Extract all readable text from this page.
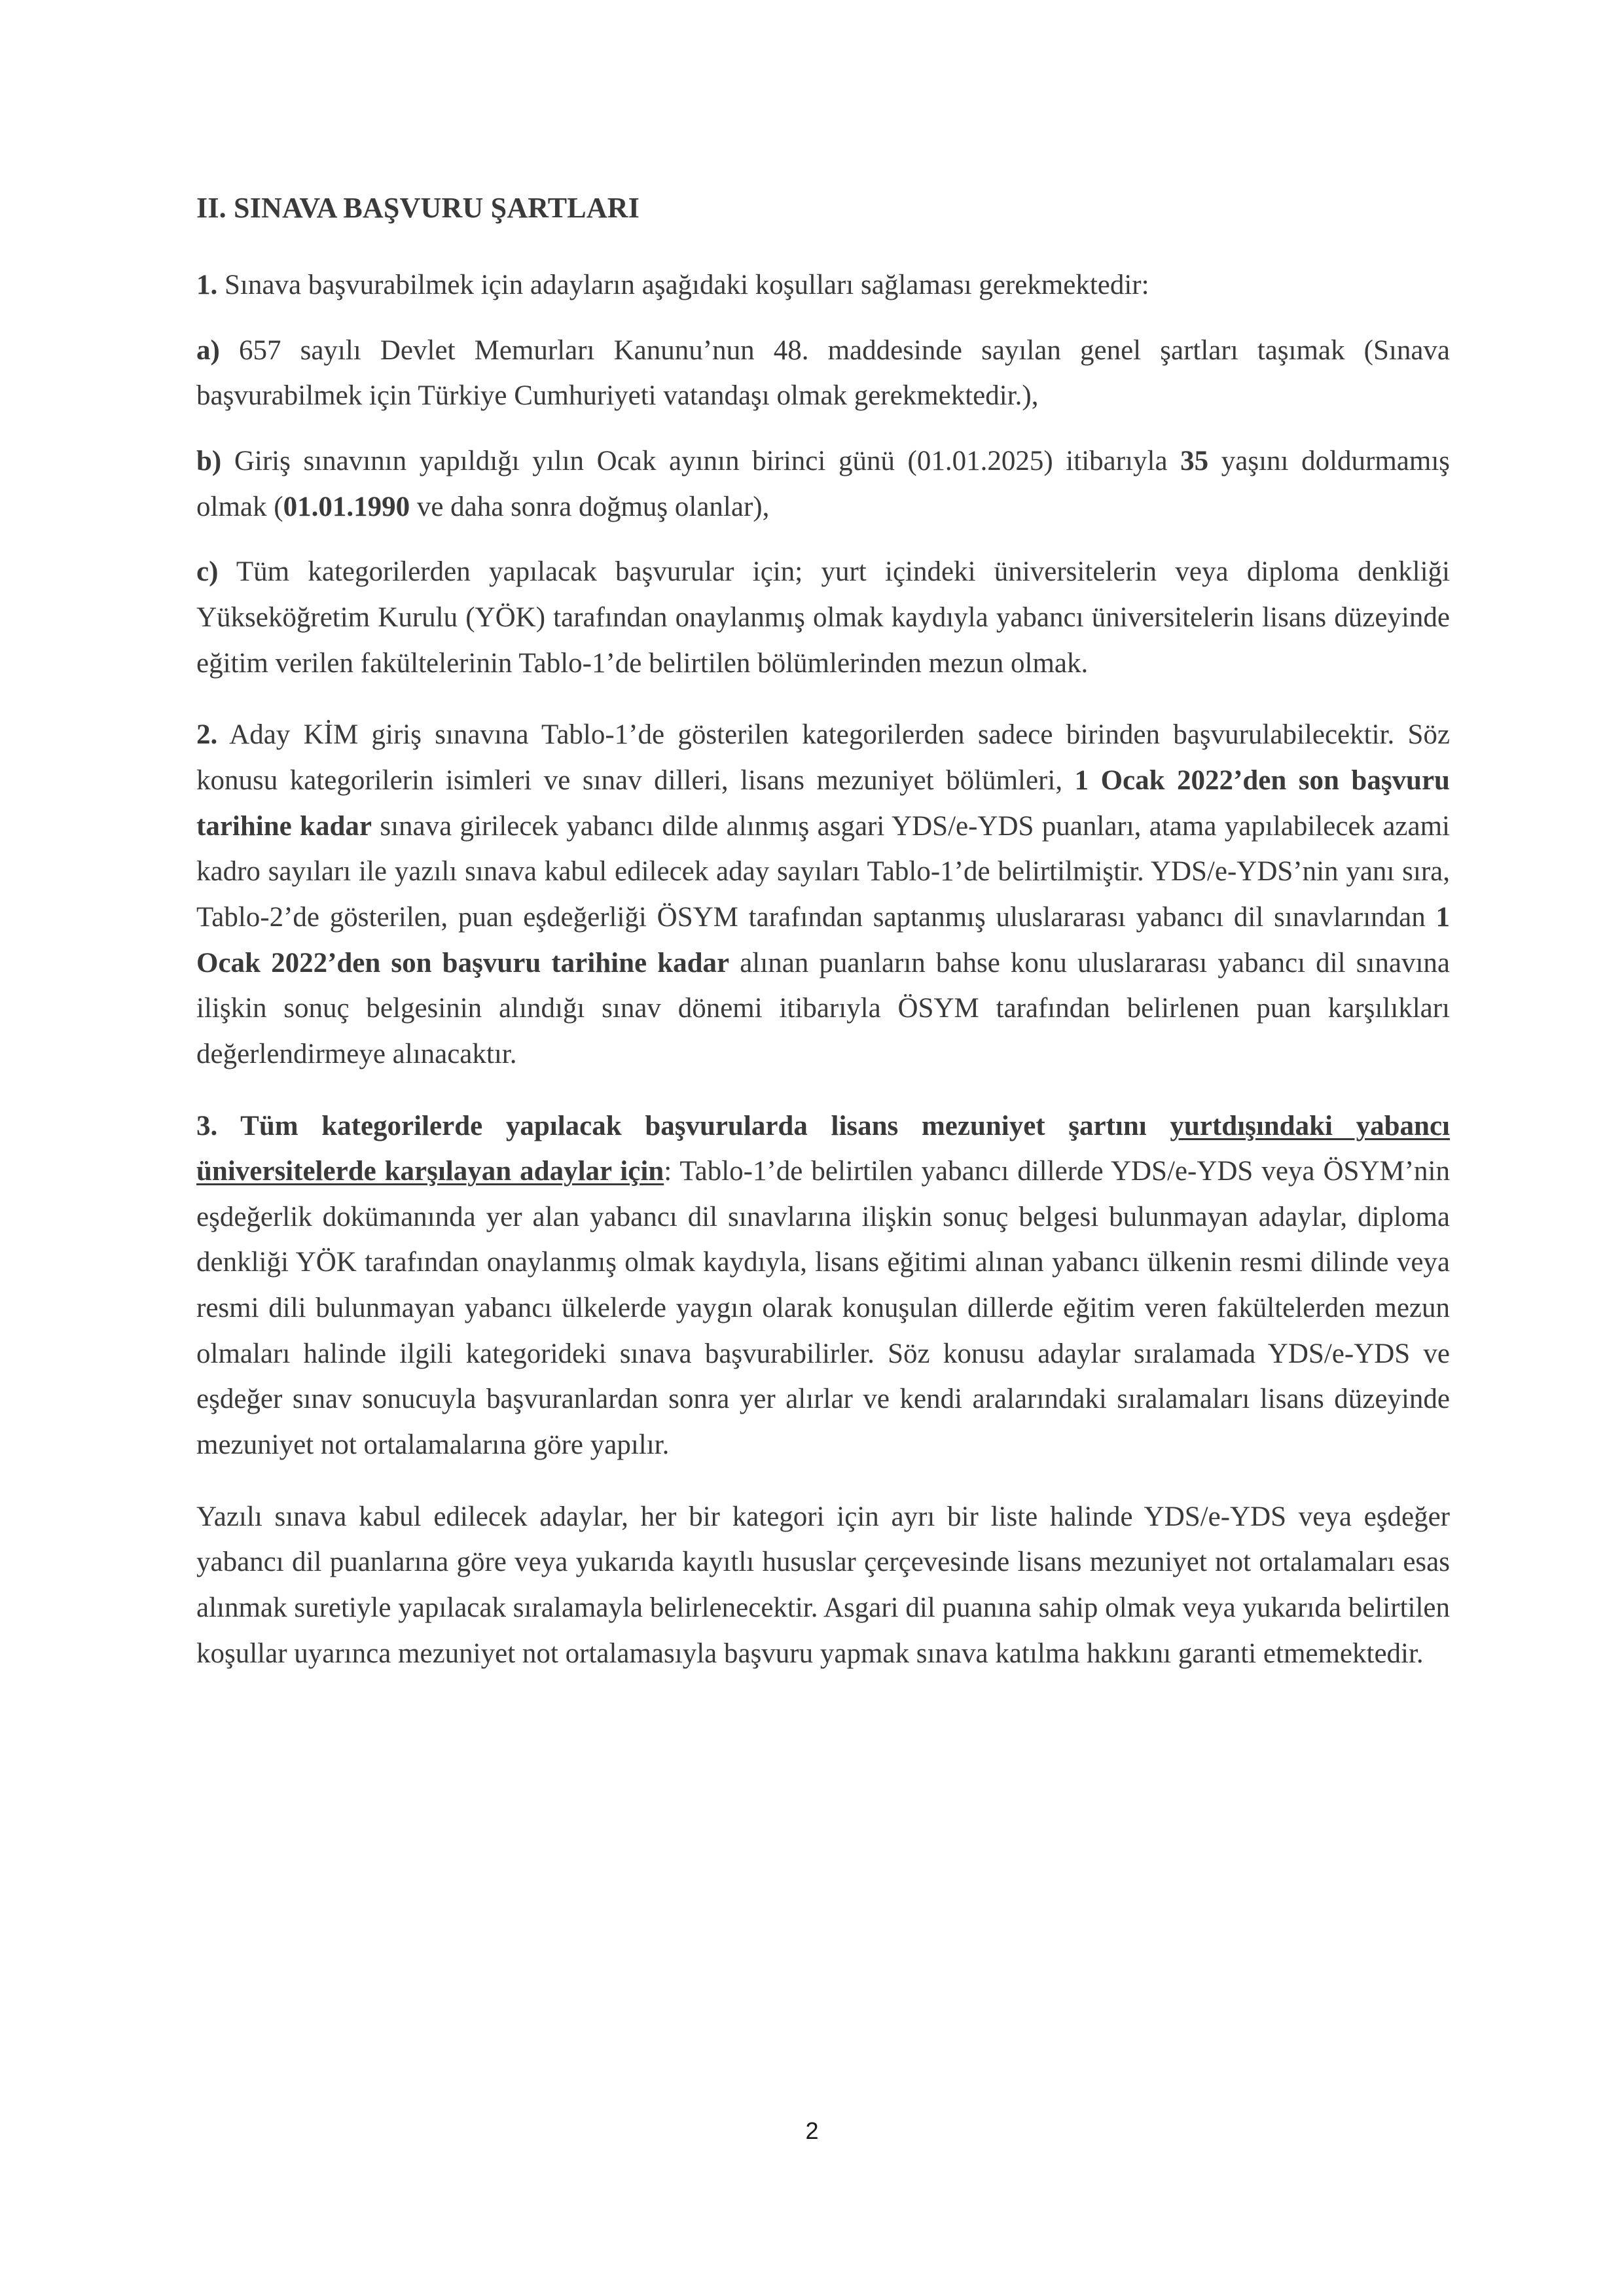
II. SINAVA BAŞVURU ŞARTLARI

1. Sınava başvurabilmek için adayların aşağıdaki koşulları sağlaması gerekmektedir:

a) 657 sayılı Devlet Memurları Kanunu’nun 48. maddesinde sayılan genel şartları taşımak (Sınava başvurabilmek için Türkiye Cumhuriyeti vatandaşı olmak gerekmektedir.),

b) Giriş sınavının yapıldığı yılın Ocak ayının birinci günü (01.01.2025) itibarıyla 35 yaşını doldurmamış olmak (01.01.1990 ve daha sonra doğmuş olanlar),

c) Tüm kategorilerden yapılacak başvurular için; yurt içindeki üniversitelerin veya diploma denkliği Yükseköğretim Kurulu (YÖK) tarafından onaylanmış olmak kaydıyla yabancı üniversitelerin lisans düzeyinde eğitim verilen fakültelerinin Tablo-1’de belirtilen bölümlerinden mezun olmak.

2. Aday KİM giriş sınavına Tablo-1’de gösterilen kategorilerden sadece birinden başvurulabilecektir. Söz konusu kategorilerin isimleri ve sınav dilleri, lisans mezuniyet bölümleri, 1 Ocak 2022’den son başvuru tarihine kadar sınava girilecek yabancı dilde alınmış asgari YDS/e-YDS puanları, atama yapılabilecek azami kadro sayıları ile yazılı sınava kabul edilecek aday sayıları Tablo-1’de belirtilmiştir. YDS/e-YDS’nin yanı sıra, Tablo-2’de gösterilen, puan eşdeğerliği ÖSYM tarafından saptanmış uluslararası yabancı dil sınavlarından 1 Ocak 2022’den son başvuru tarihine kadar alınan puanların bahse konu uluslararası yabancı dil sınavına ilişkin sonuç belgesinin alındığı sınav dönemi itibarıyla ÖSYM tarafından belirlenen puan karşılıkları değerlendirmeye alınacaktır.

3. Tüm kategorilerde yapılacak başvurularda lisans mezuniyet şartını yurtdışındaki yabancı üniversitelerde karşılayan adaylar için: Tablo-1’de belirtilen yabancı dillerde YDS/e-YDS veya ÖSYM’nin eşdeğerlik dokümanında yer alan yabancı dil sınavlarına ilişkin sonuç belgesi bulunmayan adaylar, diploma denkliği YÖK tarafından onaylanmış olmak kaydıyla, lisans eğitimi alınan yabancı ülkenin resmi dilinde veya resmi dili bulunmayan yabancı ülkelerde yaygın olarak konuşulan dillerde eğitim veren fakültelerden mezun olmaları halinde ilgili kategorideki sınava başvurabilirler. Söz konusu adaylar sıralamada YDS/e-YDS ve eşdeğer sınav sonucuyla başvuranlardan sonra yer alırlar ve kendi aralarındaki sıralamaları lisans düzeyinde mezuniyet not ortalamalarına göre yapılır.

Yazılı sınava kabul edilecek adaylar, her bir kategori için ayrı bir liste halinde YDS/e-YDS veya eşdeğer yabancı dil puanlarına göre veya yukarıda kayıtlı hususlar çerçevesinde lisans mezuniyet not ortalamaları esas alınmak suretiyle yapılacak sıralamayla belirlenecektir. Asgari dil puanına sahip olmak veya yukarıda belirtilen koşullar uyarınca mezuniyet not ortalamasıyla başvuru yapmak sınava katılma hakkını garanti etmemektedir.

2
